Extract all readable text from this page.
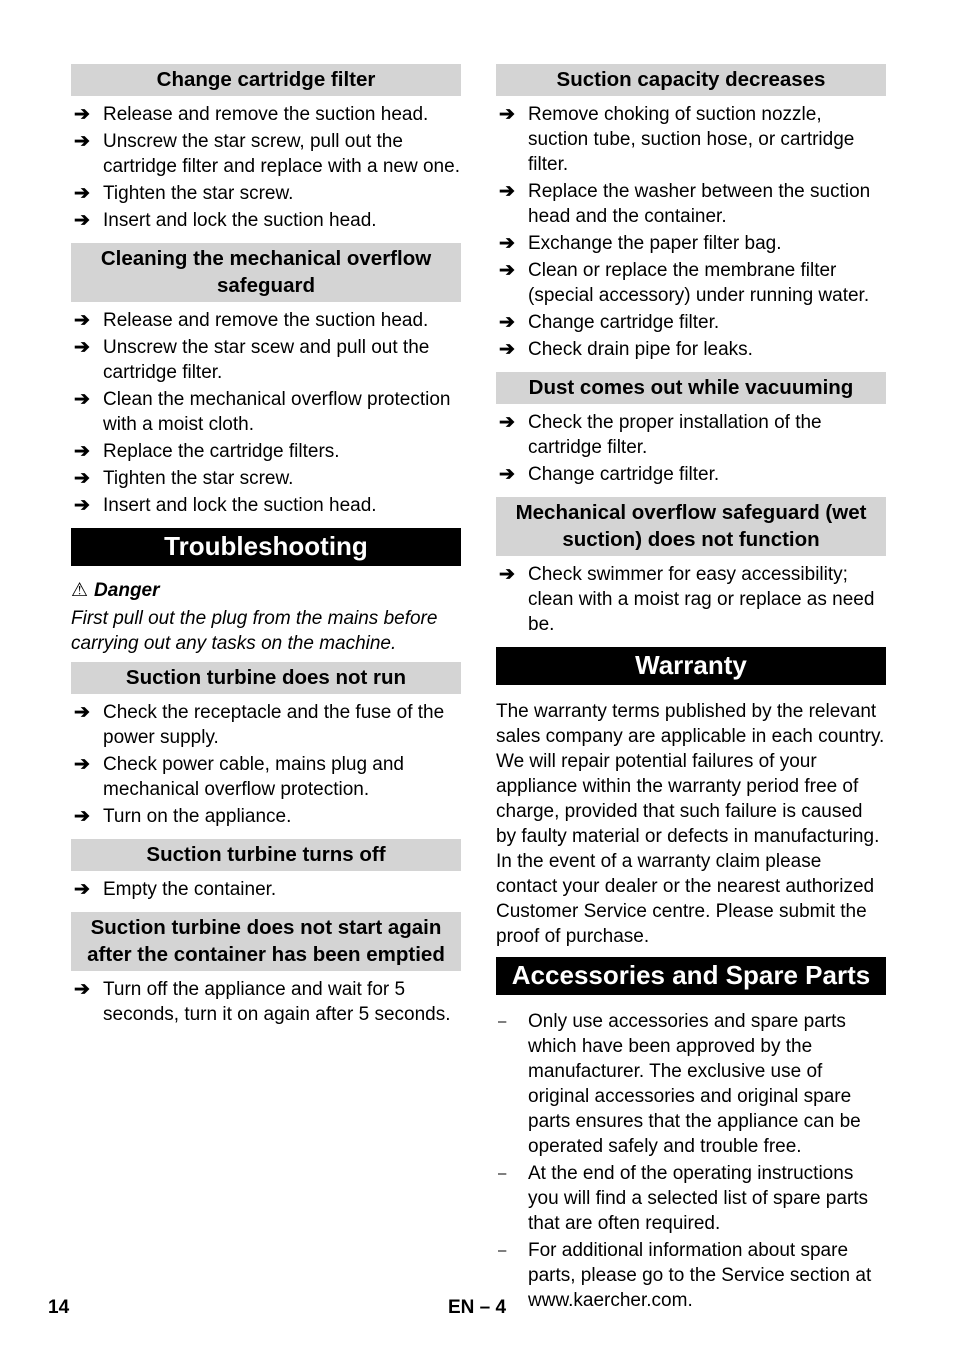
Change cartridge filter
➔ Release and remove the suction head.
➔ Unscrew the star screw, pull out the cartridge filter and replace with a new one.
➔ Tighten the star screw.
➔ Insert and lock the suction head.
Cleaning the mechanical overflow safeguard
➔ Release and remove the suction head.
➔ Unscrew the star scew and pull out the cartridge filter.
➔ Clean the mechanical overflow protection with a moist cloth.
➔ Replace the cartridge filters.
➔ Tighten the star screw.
➔ Insert and lock the suction head.
Troubleshooting
⚠ Danger
First pull out the plug from the mains before carrying out any tasks on the machine.
Suction turbine does not run
➔ Check the receptacle and the fuse of the power supply.
➔ Check power cable, mains plug and mechanical overflow protection.
➔ Turn on the appliance.
Suction turbine turns off
➔ Empty the container.
Suction turbine does not start again after the container has been emptied
➔ Turn off the appliance and wait for 5 seconds, turn it on again after 5 seconds.
Suction capacity decreases
➔ Remove choking of suction nozzle, suction tube, suction hose, or cartridge filter.
➔ Replace the washer between the suction head and the container.
➔ Exchange the paper filter bag.
➔ Clean or replace the membrane filter (special accessory) under running water.
➔ Change cartridge filter.
➔ Check drain pipe for leaks.
Dust comes out while vacuuming
➔ Check the proper installation of the cartridge filter.
➔ Change cartridge filter.
Mechanical overflow safeguard (wet suction) does not function
➔ Check swimmer for easy accessibility; clean with a moist rag or replace as need be.
Warranty
The warranty terms published by the relevant sales company are applicable in each country. We will repair potential failures of your appliance within the warranty period free of charge, provided that such failure is caused by faulty material or defects in manufacturing. In the event of a warranty claim please contact your dealer or the nearest authorized Customer Service centre. Please submit the proof of purchase.
Accessories and Spare Parts
– Only use accessories and spare parts which have been approved by the manufacturer. The exclusive use of original accessories and original spare parts ensures that the appliance can be operated safely and trouble free.
– At the end of the operating instructions you will find a selected list of spare parts that are often required.
– For additional information about spare parts, please go to the Service section at www.kaercher.com.
14	EN – 4
